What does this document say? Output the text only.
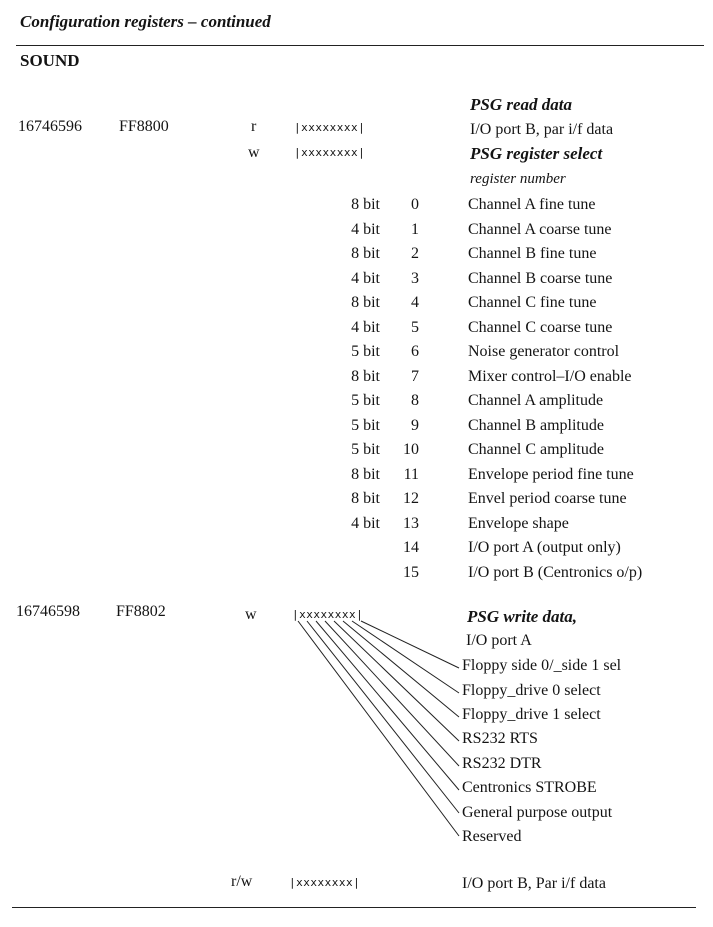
Configuration registers – continued
SOUND
PSG read data
16746596 FF8800	r	|xxxxxxxx|	I/O port B, par i/f data
w	|xxxxxxxx|	PSG register select
register number
8 bit 0	Channel A fine tune
4 bit 1	Channel A coarse tune
8 bit 2	Channel B fine tune
4 bit 3	Channel B coarse tune
8 bit 4	Channel C fine tune
4 bit 5	Channel C coarse tune
5 bit 6	Noise generator control
8 bit 7	Mixer control–I/O enable
5 bit 8	Channel A amplitude
5 bit 9	Channel B amplitude
5 bit 10	Channel C amplitude
8 bit 11	Envelope period fine tune
8 bit 12	Envel period coarse tune
4 bit 13	Envelope shape
14	I/O port A (output only)
15	I/O port B (Centronics o/p)
16746598 FF8802	w	|xxxxxxxx|	PSG write data,
I/O port A
Floppy side 0/_side 1 sel
Floppy_drive 0 select
Floppy_drive 1 select
RS232 RTS
RS232 DTR
Centronics STROBE
General purpose output
Reserved
r/w	|xxxxxxxx|	I/O port B, Par i/f data
